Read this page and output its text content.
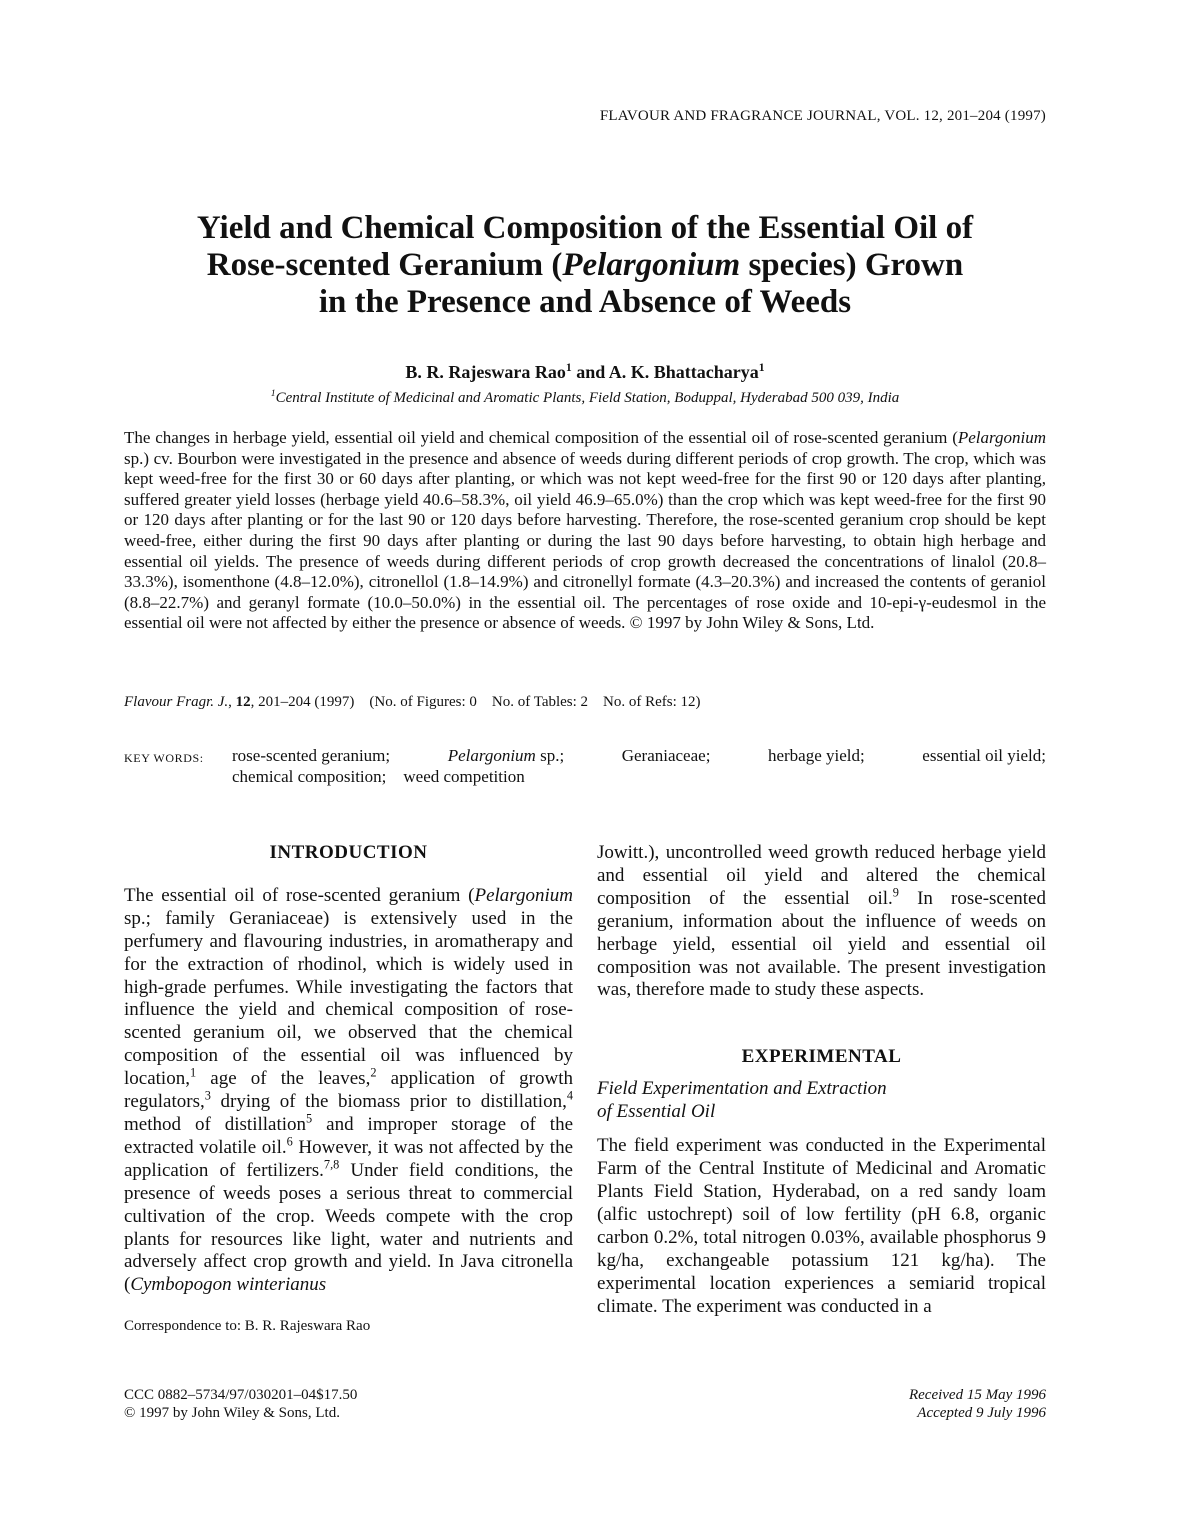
FLAVOUR AND FRAGRANCE JOURNAL, VOL. 12, 201–204 (1997)
Yield and Chemical Composition of the Essential Oil of
Rose-scented Geranium (Pelargonium species) Grown
in the Presence and Absence of Weeds
B. R. Rajeswara Rao$^1$ and A. K. Bhattacharya$^1$
$^1$Central Institute of Medicinal and Aromatic Plants, Field Station, Boduppal, Hyderabad 500 039, India
The changes in herbage yield, essential oil yield and chemical composition of the essential oil of rose-scented geranium (Pelargonium sp.) cv. Bourbon were investigated in the presence and absence of weeds during different periods of crop growth. The crop, which was kept weed-free for the first 30 or 60 days after planting, or which was not kept weed-free for the first 90 or 120 days after planting, suffered greater yield losses (herbage yield 40.6–58.3%, oil yield 46.9–65.0%) than the crop which was kept weed-free for the first 90 or 120 days after planting or for the last 90 or 120 days before harvesting. Therefore, the rose-scented geranium crop should be kept weed-free, either during the first 90 days after planting or during the last 90 days before harvesting, to obtain high herbage and essential oil yields. The presence of weeds during different periods of crop growth decreased the concentrations of linalol (20.8–33.3%), isomenthone (4.8–12.0%), citronellol (1.8–14.9%) and citronellyl formate (4.3–20.3%) and increased the contents of geraniol (8.8–22.7%) and geranyl formate (10.0–50.0%) in the essential oil. The percentages of rose oxide and 10-epi-γ-eudesmol in the essential oil were not affected by either the presence or absence of weeds. © 1997 by John Wiley & Sons, Ltd.
Flavour Fragr. J., 12, 201–204 (1997)    (No. of Figures: 0    No. of Tables: 2    No. of Refs: 12)
KEY WORDS:	rose-scented geranium;	Pelargonium sp.;	Geraniaceae;	herbage yield;	essential oil yield;
chemical composition; weed competition
INTRODUCTION

The essential oil of rose-scented geranium (Pelargonium sp.; family Geraniaceae) is extensively used in the perfumery and flavouring industries, in aromatherapy and for the extraction of rhodinol, which is widely used in high-grade perfumes. While investigating the factors that influence the yield and chemical composition of rose-scented geranium oil, we observed that the chemical composition of the essential oil was influenced by location,$^1$ age of the leaves,$^2$ application of growth regulators,$^3$ drying of the biomass prior to distillation,$^4$ method of distillation$^5$ and improper storage of the extracted volatile oil.$^6$ However, it was not affected by the application of fertilizers.$^{7,8}$ Under field conditions, the presence of weeds poses a serious threat to commercial cultivation of the crop. Weeds compete with the crop plants for resources like light, water and nutrients and adversely affect crop growth and yield. In Java citronella (Cymbopogon winterianus

Jowitt.), uncontrolled weed growth reduced herbage yield and essential oil yield and altered the chemical composition of the essential oil.$^9$ In rose-scented geranium, information about the influence of weeds on herbage yield, essential oil yield and essential oil composition was not available. The present investigation was, therefore made to study these aspects.

EXPERIMENTAL

Field Experimentation and Extraction
of Essential Oil

The field experiment was conducted in the Experimental Farm of the Central Institute of Medicinal and Aromatic Plants Field Station, Hyderabad, on a red sandy loam (alfic ustochrept) soil of low fertility (pH 6.8, organic carbon 0.2%, total nitrogen 0.03%, available phosphorus 9 kg/ha, exchangeable potassium 121 kg/ha). The experimental location experiences a semiarid tropical climate. The experiment was conducted in a

Correspondence to: B. R. Rajeswara Rao
CCC 0882–5734/97/030201–04$17.50
© 1997 by John Wiley & Sons, Ltd.
Received 15 May 1996
Accepted 9 July 1996
